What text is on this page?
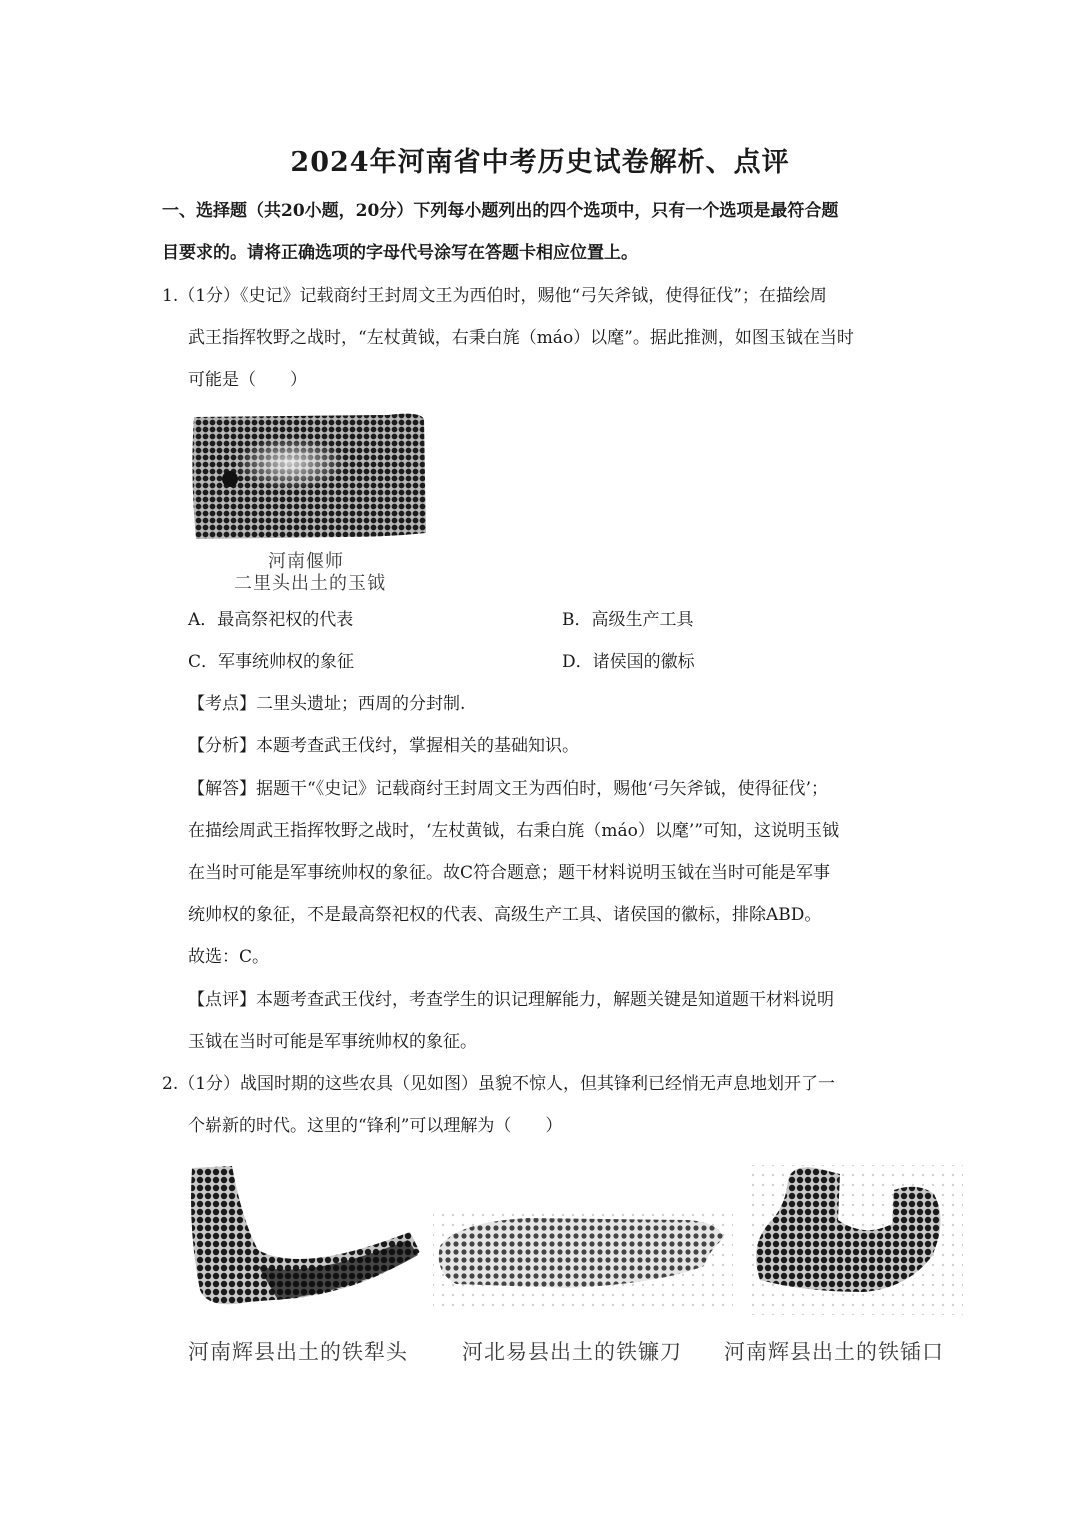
2024年河南省中考历史试卷解析、点评
一、选择题（共20小题，20分）下列每小题列出的四个选项中，只有一个选项是最符合题
目要求的。请将正确选项的字母代号涂写在答题卡相应位置上。
1.（1分）《史记》记载商纣王封周文王为西伯时，赐他“弓矢斧钺，使得征伐”；在描绘周
武王指挥牧野之战时，“左杖黄钺，右秉白旄（máo）以麾”。据此推测，如图玉钺在当时
可能是（　　）
河南偃师
二里头出土的玉钺
A．最高祭祀权的代表	B．高级生产工具
C．军事统帅权的象征	D．诸侯国的徽标
【考点】二里头遗址；西周的分封制.
【分析】本题考查武王伐纣，掌握相关的基础知识。
【解答】据题干“《史记》记载商纣王封周文王为西伯时，赐他‘弓矢斧钺，使得征伐’；
在描绘周武王指挥牧野之战时，‘左杖黄钺，右秉白旄（máo）以麾’”可知，这说明玉钺
在当时可能是军事统帅权的象征。故C符合题意；题干材料说明玉钺在当时可能是军事
统帅权的象征，不是最高祭祀权的代表、高级生产工具、诸侯国的徽标，排除ABD。
故选：C。
【点评】本题考查武王伐纣，考查学生的识记理解能力，解题关键是知道题干材料说明
玉钺在当时可能是军事统帅权的象征。
2.（1分）战国时期的这些农具（见如图）虽貌不惊人，但其锋利已经悄无声息地划开了一
个崭新的时代。这里的“锋利”可以理解为（　　）
河南辉县出土的铁犁头	河北易县出土的铁镰刀 河南辉县出土的铁锸口
